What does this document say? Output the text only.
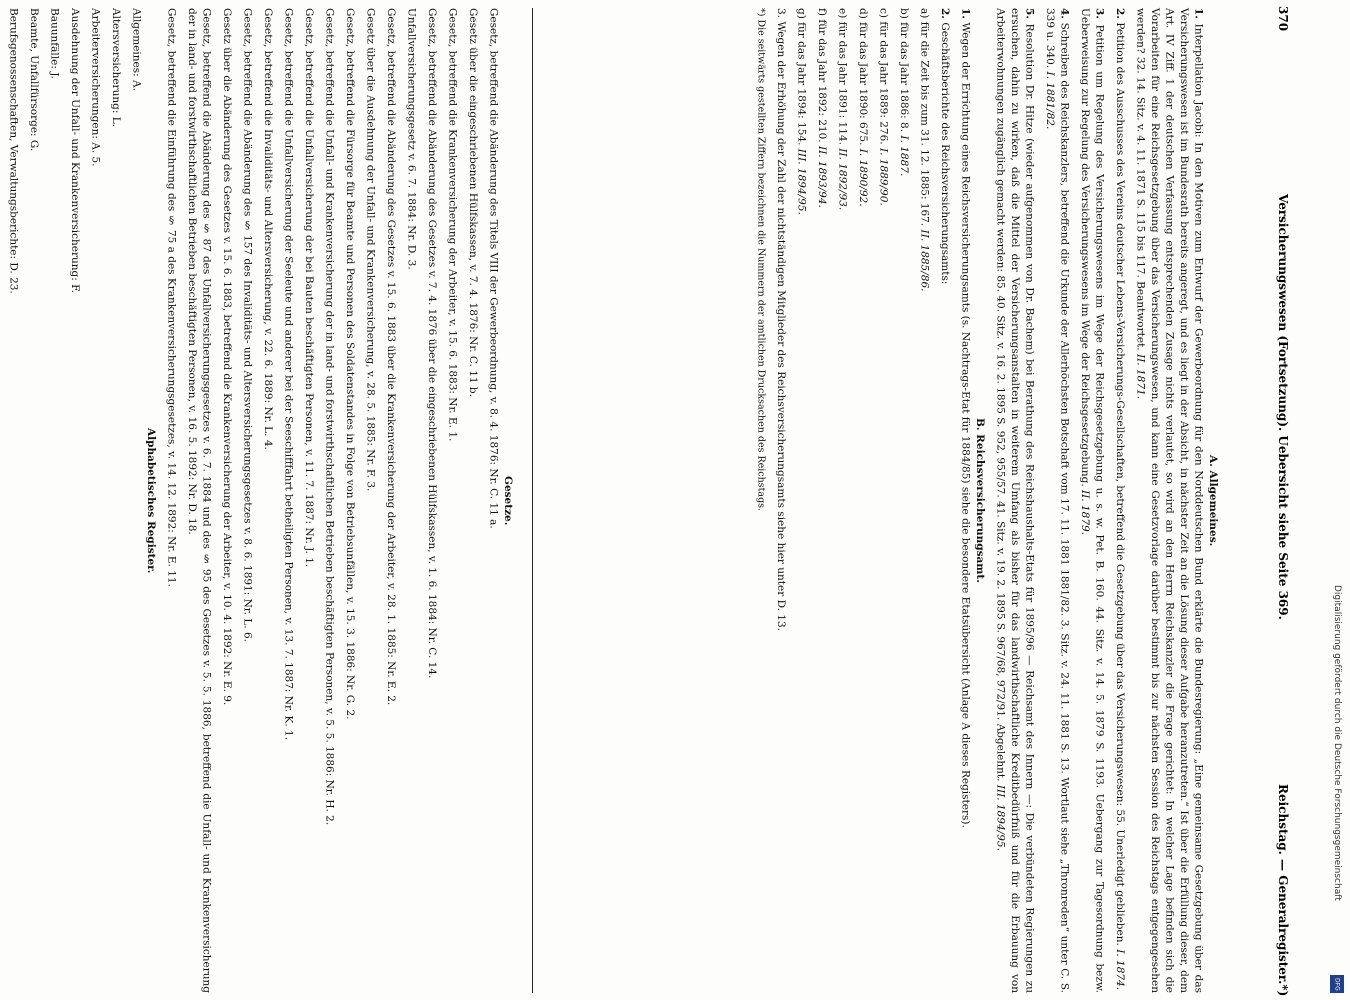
370
Versicherungswesen (Fortsetzung). Uebersicht siehe Seite 369.
Reichstag. — Generalregister.*)
A. Allgemeines.
1. Interpellation Jacobi: In den Motiven zum Entwurf der Gewerbeordnung für den Norddeutschen Bund erklärte die Bundesregierung: „Eine gemeinsame Gesetzgebung über das Versicherungswesen ist im Bundesrath bereits angeregt, und es liegt in der Absicht, in nächster Zeit an die Lösung dieser Aufgabe heranzutreten.“ Ist über die Erfüllung dieser, dem Art. IV Ziff. 1 der deutschen Verfassung entsprechenden Zusage nichts verlautet, so wird an den Herrn Reichskanzler die Frage gerichtet: In welcher Lage befinden sich die Vorarbeiten für eine Reichsgesetzgebung über das Versicherungswesen, und kann eine Gesetzvorlage darüber bestimmt bis zur nächsten Session des Reichstags entgegengesehen werden? 32. 14. Sitz. v. 4. 11. 1871 S. 115 bis 117. Beantwortet. II. 1871.
2. Petition des Ausschusses des Vereins deutscher Lebens-Versicherungs-Gesellschaften, betreffend die Gesetzgebung über das Versicherungswesen: 55. Unerledigt geblieben. I. 1874.
3. Petition um Regelung des Versicherungswesens im Wege der Reichsgesetzgebung u. s. w. Pet. B. 160. 44. Sitz. v. 14. 5. 1879 S. 1193. Uebergang zur Tagesordnung bezw. Ueberweisung zur Regelung des Versicherungswesens im Wege der Reichsgesetzgebung. II. 1879.
4. Schreiben des Reichskanzlers, betreffend die Urkunde der Allerhöchsten Botschaft vom 17. 11. 1881 1881/82. 3. Sitz. v. 24. 11. 1881 S. 13. Wortlaut siehe „Thronreden“ unter C. S. 339 u. 340. I. 1881/82.
5. Resolution Dr. Hitze (wieder aufgenommen von Dr. Bachem) bei Berathung des Reichshaushalts-Etats für 1895/96 — Reichsamt des Innern —: Die verbündeten Regierungen zu ersuchen, dahin zu wirken, daß die Mittel der Versicherungsanstalten in weiterem Umfang als bisher für das landwirthschaftliche Kreditbedürfniß und für die Erbauung von Arbeiterwohnungen zugänglich gemacht werden: 85. 40. Sitz. v. 16. 2. 1895 S. 952, 955/57. 41. Sitz. v. 19. 2. 1895 S. 967/68, 972/91. Abgelehnt. III. 1894/95.
B. Reichsversicherungsamt.
1. Wegen der Errichtung eines Reichsversicherungsamts (s. Nachtrags-Etat für 1884/85) siehe die besondere Etatsübersicht (Anlage A dieses Registers).
2. Geschäftsberichte des Reichsversicherungsamts:
a) für die Zeit bis zum 31. 12. 1885: 167. II. 1885/86.
b) für das Jahr 1886: 8. I. 1887.
c) für das Jahr 1889: 276. I. 1889/90.
d) für das Jahr 1890: 675. I. 1890/92.
e) für das Jahr 1891: 114. II. 1892/93.
f) für das Jahr 1892: 210. II. 1893/94.
g) für das Jahr 1894: 154. III. 1894/95.
3. Wegen der Erhöhung der Zahl der nichtständigen Mitglieder des Reichsversicherungsamts siehe hier unter D. 13.
*) Die seitwärts gestellten Ziffern bezeichnen die Nummern der amtlichen Drucksachen des Reichstags.
Gesetze.
Gesetz, betreffend die Abänderung des Titels VIII der Gewerbeordnung, v. 8. 4. 1876: Nr. C. 11 a.
Gesetz über die eingeschriebenen Hülfskassen, v. 7. 4. 1876: Nr. C. 11 b.
Gesetz, betreffend die Krankenversicherung der Arbeiter, v. 15. 6. 1883: Nr. E. 1.
Gesetz, betreffend die Abänderung des Gesetzes v. 7. 4. 1876 über die eingeschriebenen Hülfskassen, v. 1. 6. 1884: Nr. C. 14.
Unfallversicherungsgesetz v. 6. 7. 1884: Nr. D. 3.
Gesetz, betreffend die Abänderung des Gesetzes v. 15. 6. 1883 über die Krankenversicherung der Arbeiter, v. 28. 1. 1885: Nr. E. 2.
Gesetz über die Ausdehnung der Unfall- und Krankenversicherung, v. 28. 5. 1885: Nr. F. 3.
Gesetz, betreffend die Fürsorge für Beamte und Personen des Soldatenstandes in Folge von Betriebsunfällen, v. 15. 3. 1886: Nr. G. 2.
Gesetz, betreffend die Unfall- und Krankenversicherung der in land- und forstwirthschaftlichen Betrieben beschäftigten Personen, v. 5. 5. 1886: Nr. H. 2.
Gesetz, betreffend die Unfallversicherung der bei Bauten beschäftigten Personen, v. 11. 7. 1887: Nr. J. 1.
Gesetz, betreffend die Unfallversicherung der Seeleute und anderer bei der Seeschifffahrt betheiligten Personen, v. 13. 7. 1887: Nr. K. 1.
Gesetz, betreffend die Invaliditäts- und Altersversicherung, v. 22. 6. 1889: Nr. L. 4.
Gesetz, betreffend die Abänderung des § 157 des Invaliditäts- und Altersversicherungsgesetzes v. 8. 6. 1891: Nr. L. 6.
Gesetz über die Abänderung des Gesetzes v. 15. 6. 1883, betreffend die Krankenversicherung der Arbeiter, v. 10. 4. 1892: Nr. E. 9.
Gesetz, betreffend die Abänderung des § 87 des Unfallversicherungsgesetzes v. 6. 7. 1884 und des § 95 des Gesetzes v. 5. 5. 1886, betreffend die Unfall- und Krankenversicherung der in land- und forstwirthschaftlichen Betrieben beschäftigten Personen, v. 16. 5. 1892: Nr. D. 18.
Gesetz, betreffend die Einführung des § 75 a des Krankenversicherungsgesetzes, v. 14. 12. 1892: Nr. E. 11.
Alphabetisches Register.
Allgemeines: A.
Altersversicherung: L.
Arbeiterversicherungen: A. 5.
Ausdehnung der Unfall- und Krankenversicherung: F.
Bauunfälle: J.
Beamte, Unfallfürsorge: G.
Berufsgenossenschaften, Verwaltungsberichte: D. 23.
Digitalisierung gefördert durch die Deutsche Forschungsgemeinschaft
DFG
